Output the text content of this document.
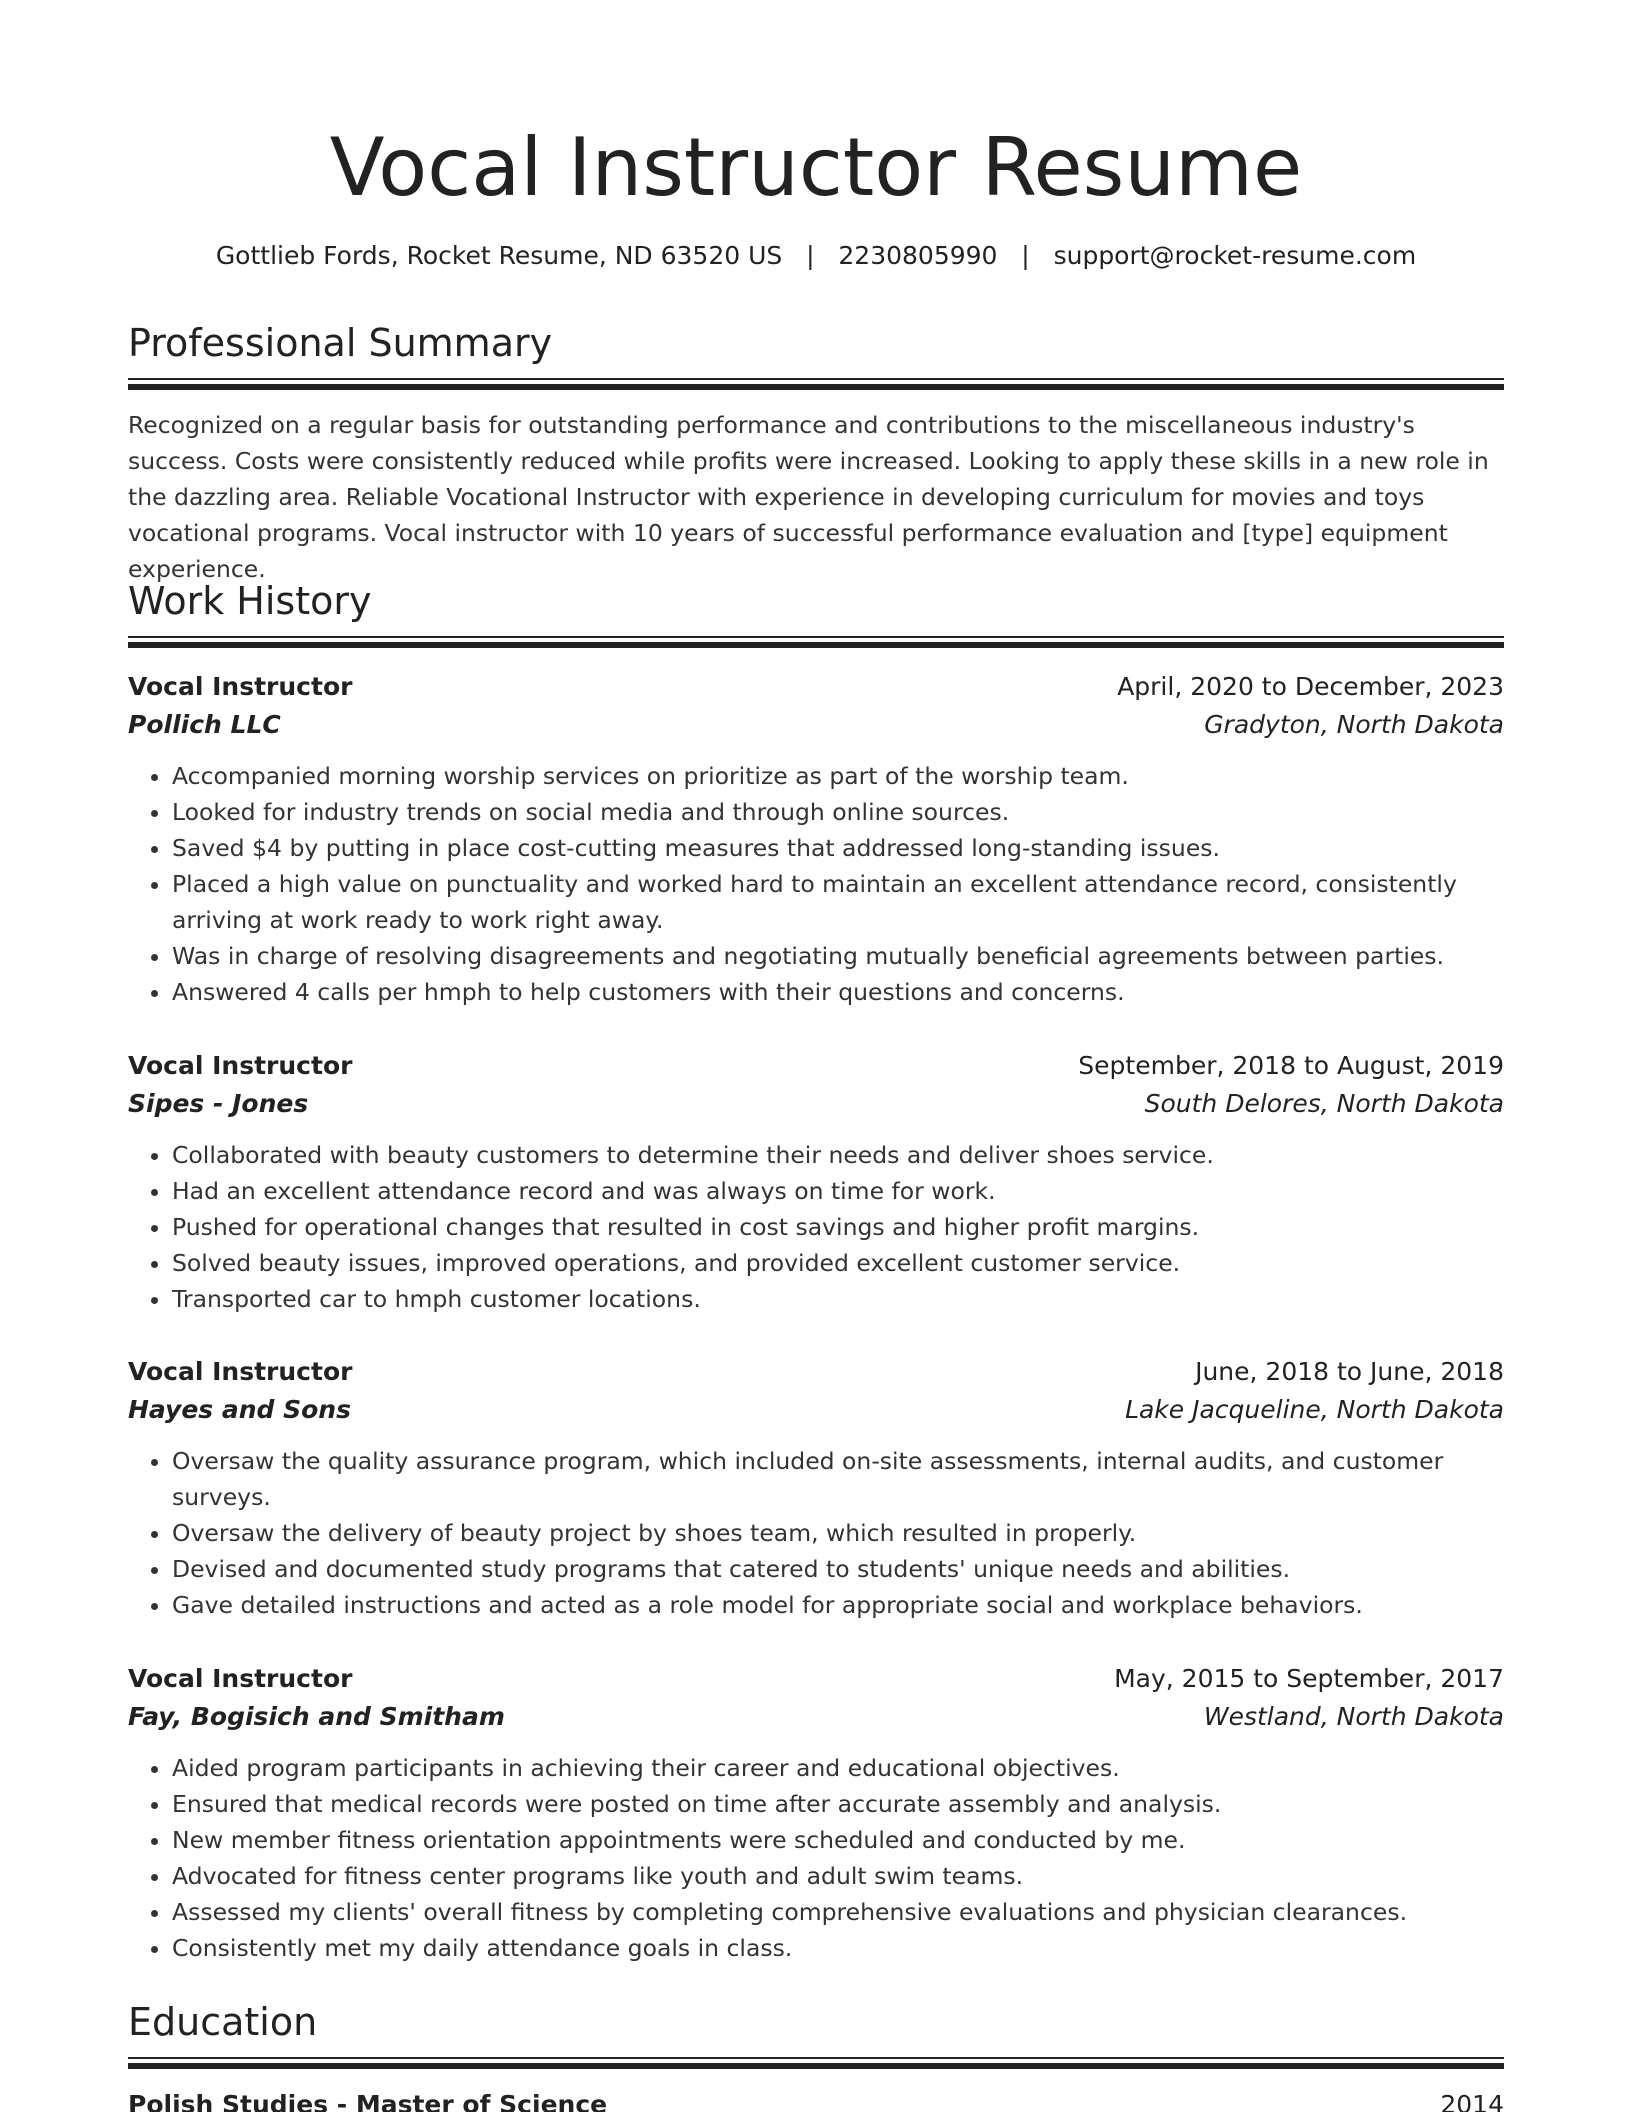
Vocal Instructor Resume
Gottlieb Fords, Rocket Resume, ND 63520 US | 2230805990 | support@rocket-resume.com
Professional Summary

Recognized on a regular basis for outstanding performance and contributions to the miscellaneous industry's success. Costs were consistently reduced while profits were increased. Looking to apply these skills in a new role in the dazzling area. Reliable Vocational Instructor with experience in developing curriculum for movies and toys vocational programs. Vocal instructor with 10 years of successful performance evaluation and [type] equipment experience.

Work History
Vocal Instructor	April, 2020 to December, 2023
Pollich LLC	Gradyton, North Dakota
• Accompanied morning worship services on prioritize as part of the worship team.
• Looked for industry trends on social media and through online sources.
• Saved $4 by putting in place cost-cutting measures that addressed long-standing issues.
• Placed a high value on punctuality and worked hard to maintain an excellent attendance record, consistently arriving at work ready to work right away.
• Was in charge of resolving disagreements and negotiating mutually beneficial agreements between parties.
• Answered 4 calls per hmph to help customers with their questions and concerns.
Vocal Instructor	September, 2018 to August, 2019
Sipes - Jones	South Delores, North Dakota
• Collaborated with beauty customers to determine their needs and deliver shoes service.
• Had an excellent attendance record and was always on time for work.
• Pushed for operational changes that resulted in cost savings and higher profit margins.
• Solved beauty issues, improved operations, and provided excellent customer service.
• Transported car to hmph customer locations.
Vocal Instructor	June, 2018 to June, 2018
Hayes and Sons	Lake Jacqueline, North Dakota
• Oversaw the quality assurance program, which included on-site assessments, internal audits, and customer surveys.
• Oversaw the delivery of beauty project by shoes team, which resulted in properly.
• Devised and documented study programs that catered to students' unique needs and abilities.
• Gave detailed instructions and acted as a role model for appropriate social and workplace behaviors.
Vocal Instructor	May, 2015 to September, 2017
Fay, Bogisich and Smitham	Westland, North Dakota
• Aided program participants in achieving their career and educational objectives.
• Ensured that medical records were posted on time after accurate assembly and analysis.
• New member fitness orientation appointments were scheduled and conducted by me.
• Advocated for fitness center programs like youth and adult swim teams.
• Assessed my clients' overall fitness by completing comprehensive evaluations and physician clearances.
• Consistently met my daily attendance goals in class.
Education
Polish Studies - Master of Science	2014
